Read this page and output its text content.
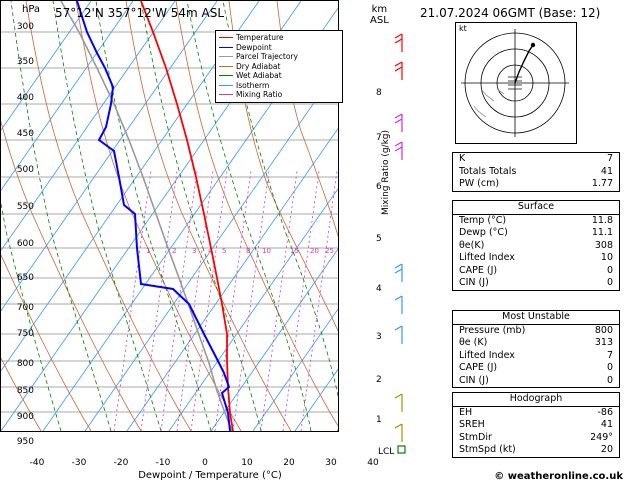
hPa 57°12'N 357°12'W 54m ASL	km
ASL
300
350
400
450
500
550
600
650
700
750
800
850
900
950
-40	-30	-20	-10	0	10	20	30	40
Dewpoint / Temperature (°C)
8
7
6
5
4
3
2
1
LCL
Mixing Ratio (g/kg)
1	2 3 4 5	8 10	15 20 25
Temperature
Dewpoint
Parcel Trajectory
Dry Adiabat
Wet Adiabat
Isotherm
Mixing Ratio
21.07.2024 06GMT (Base: 12)
kt
K	7
Totals Totals	41
PW (cm)	1.77
Surface
Temp (°C)	11.8
Dewp (°C)	11.1
θe(K)	308
Lifted Index	10
CAPE (J)	0
CIN (J)	0
Most Unstable
Pressure (mb)	800
θe (K)	313
Lifted Index	7
CAPE (J)	0
CIN (J)	0
Hodograph
EH	-86
SREH	41
StmDir	249°
StmSpd (kt)	20
© weatheronline.co.uk
